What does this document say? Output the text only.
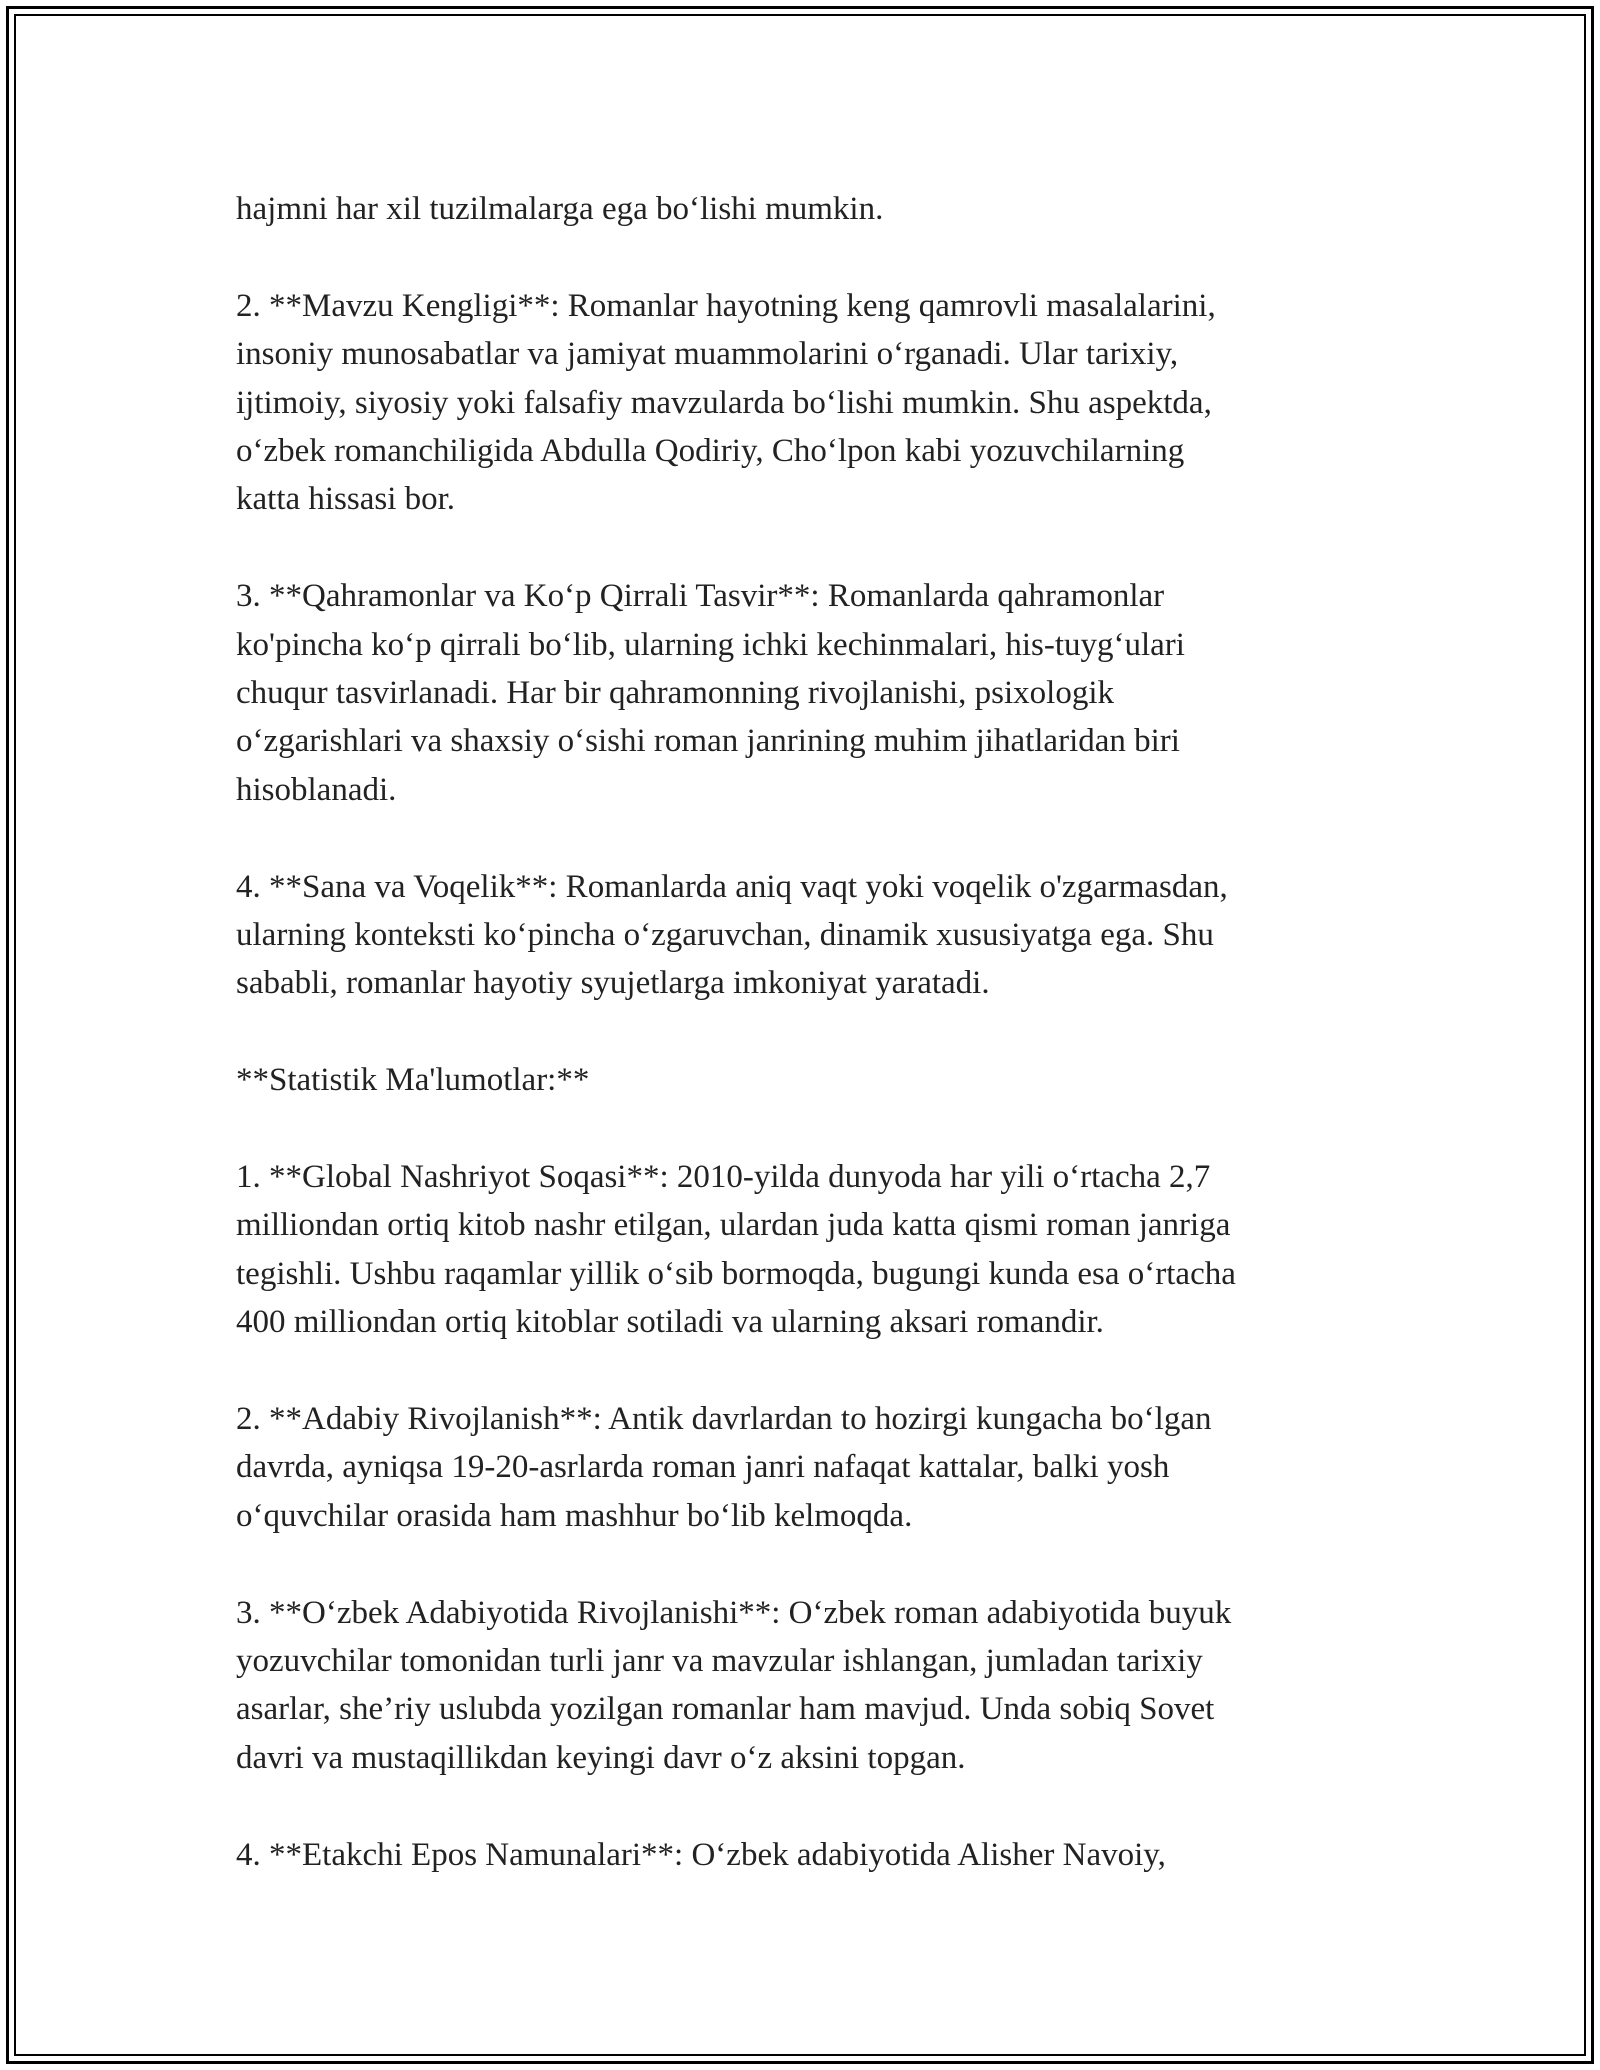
hajmni har xil tuzilmalarga ega bo‘lishi mumkin.

2. **Mavzu Kengligi**: Romanlar hayotning keng qamrovli masalalarini,
insoniy munosabatlar va jamiyat muammolarini o‘rganadi. Ular tarixiy,
ijtimoiy, siyosiy yoki falsafiy mavzularda bo‘lishi mumkin. Shu aspektda,
o‘zbek romanchiligida Abdulla Qodiriy, Cho‘lpon kabi yozuvchilarning
katta hissasi bor.

3. **Qahramonlar va Ko‘p Qirrali Tasvir**: Romanlarda qahramonlar
ko'pincha ko‘p qirrali bo‘lib, ularning ichki kechinmalari, his-tuyg‘ulari
chuqur tasvirlanadi. Har bir qahramonning rivojlanishi, psixologik
o‘zgarishlari va shaxsiy o‘sishi roman janrining muhim jihatlaridan biri
hisoblanadi.

4. **Sana va Voqelik**: Romanlarda aniq vaqt yoki voqelik o'zgarmasdan,
ularning konteksti ko‘pincha o‘zgaruvchan, dinamik xususiyatga ega. Shu
sababli, romanlar hayotiy syujetlarga imkoniyat yaratadi.

**Statistik Ma'lumotlar:**

1. **Global Nashriyot Soqasi**: 2010-yilda dunyoda har yili o‘rtacha 2,7
milliondan ortiq kitob nashr etilgan, ulardan juda katta qismi roman janriga
tegishli. Ushbu raqamlar yillik o‘sib bormoqda, bugungi kunda esa o‘rtacha
400 milliondan ortiq kitoblar sotiladi va ularning aksari romandir.

2. **Adabiy Rivojlanish**: Antik davrlardan to hozirgi kungacha bo‘lgan
davrda, ayniqsa 19-20-asrlarda roman janri nafaqat kattalar, balki yosh
o‘quvchilar orasida ham mashhur bo‘lib kelmoqda.

3. **O‘zbek Adabiyotida Rivojlanishi**: O‘zbek roman adabiyotida buyuk
yozuvchilar tomonidan turli janr va mavzular ishlangan, jumladan tarixiy
asarlar, she’riy uslubda yozilgan romanlar ham mavjud. Unda sobiq Sovet
davri va mustaqillikdan keyingi davr o‘z aksini topgan.

4. **Etakchi Epos Namunalari**: O‘zbek adabiyotida Alisher Navoiy,
